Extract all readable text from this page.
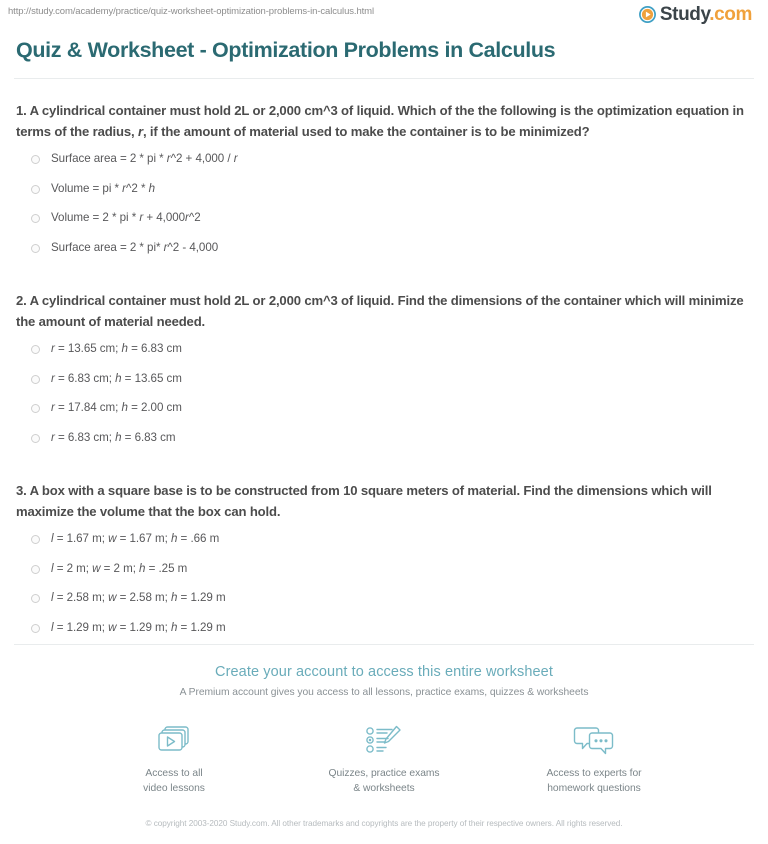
http://study.com/academy/practice/quiz-worksheet-optimization-problems-in-calculus.html	Study.com
Quiz & Worksheet - Optimization Problems in Calculus
1. A cylindrical container must hold 2L or 2,000 cm^3 of liquid. Which of the the following is the optimization equation in terms of the radius, r, if the amount of material used to make the container is to be minimized?
Surface area = 2 * pi * r^2 + 4,000 / r
Volume = pi * r^2 * h
Volume = 2 * pi * r + 4,000r^2
Surface area = 2 * pi* r^2 - 4,000
2. A cylindrical container must hold 2L or 2,000 cm^3 of liquid. Find the dimensions of the container which will minimize the amount of material needed.
r = 13.65 cm; h = 6.83 cm
r = 6.83 cm; h = 13.65 cm
r = 17.84 cm; h = 2.00 cm
r = 6.83 cm; h = 6.83 cm
3. A box with a square base is to be constructed from 10 square meters of material. Find the dimensions which will maximize the volume that the box can hold.
l = 1.67 m; w = 1.67 m; h = .66 m
l = 2 m; w = 2 m; h = .25 m
l = 2.58 m; w = 2.58 m; h = 1.29 m
l = 1.29 m; w = 1.29 m; h = 1.29 m
Create your account to access this entire worksheet
A Premium account gives you access to all lessons, practice exams, quizzes & worksheets
Access to all
video lessons
Quizzes, practice exams
& worksheets
Access to experts for
homework questions
© copyright 2003-2020 Study.com. All other trademarks and copyrights are the property of their respective owners. All rights reserved.
